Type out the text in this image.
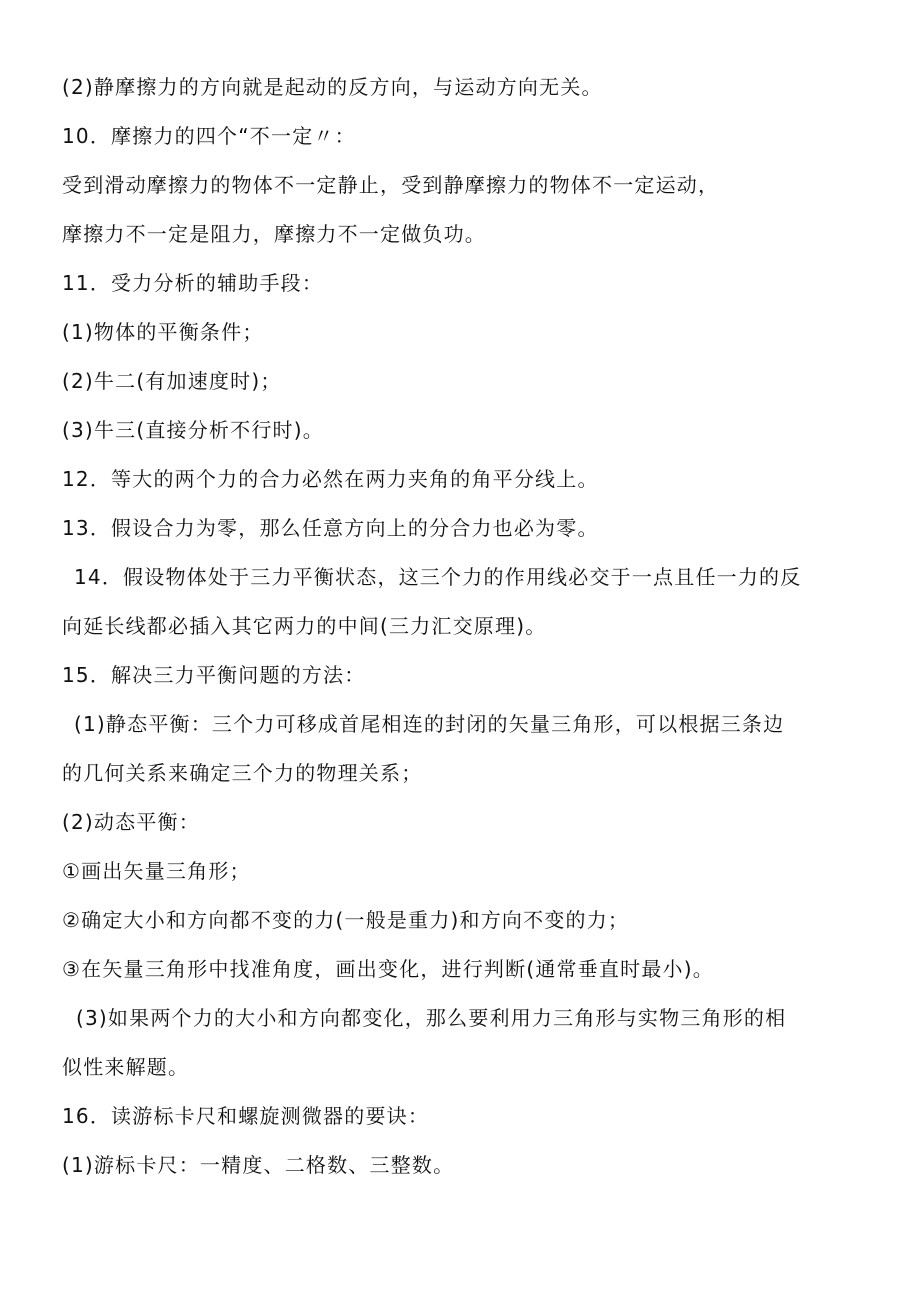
(2)静摩擦力的方向就是起动的反方向，与运动方向无关。
10．摩擦力的四个“不一定〃：
受到滑动摩擦力的物体不一定静止，受到静摩擦力的物体不一定运动，
摩擦力不一定是阻力，摩擦力不一定做负功。
11．受力分析的辅助手段：
(1)物体的平衡条件；
(2)牛二(有加速度时)；
(3)牛三(直接分析不行时)。
12．等大的两个力的合力必然在两力夹角的角平分线上。
13．假设合力为零，那么任意方向上的分合力也必为零。
14．假设物体处于三力平衡状态，这三个力的作用线必交于一点且任一力的反
向延长线都必插入其它两力的中间(三力汇交原理)。
15．解决三力平衡问题的方法：
(1)静态平衡：三个力可移成首尾相连的封闭的矢量三角形，可以根据三条边
的几何关系来确定三个力的物理关系；
(2)动态平衡：
①画出矢量三角形；
②确定大小和方向都不变的力(一般是重力)和方向不变的力；
③在矢量三角形中找准角度，画出变化，进行判断(通常垂直时最小)。
(3)如果两个力的大小和方向都变化，那么要利用力三角形与实物三角形的相
似性来解题。
16．读游标卡尺和螺旋测微器的要诀：
(1)游标卡尺：一精度、二格数、三整数。
